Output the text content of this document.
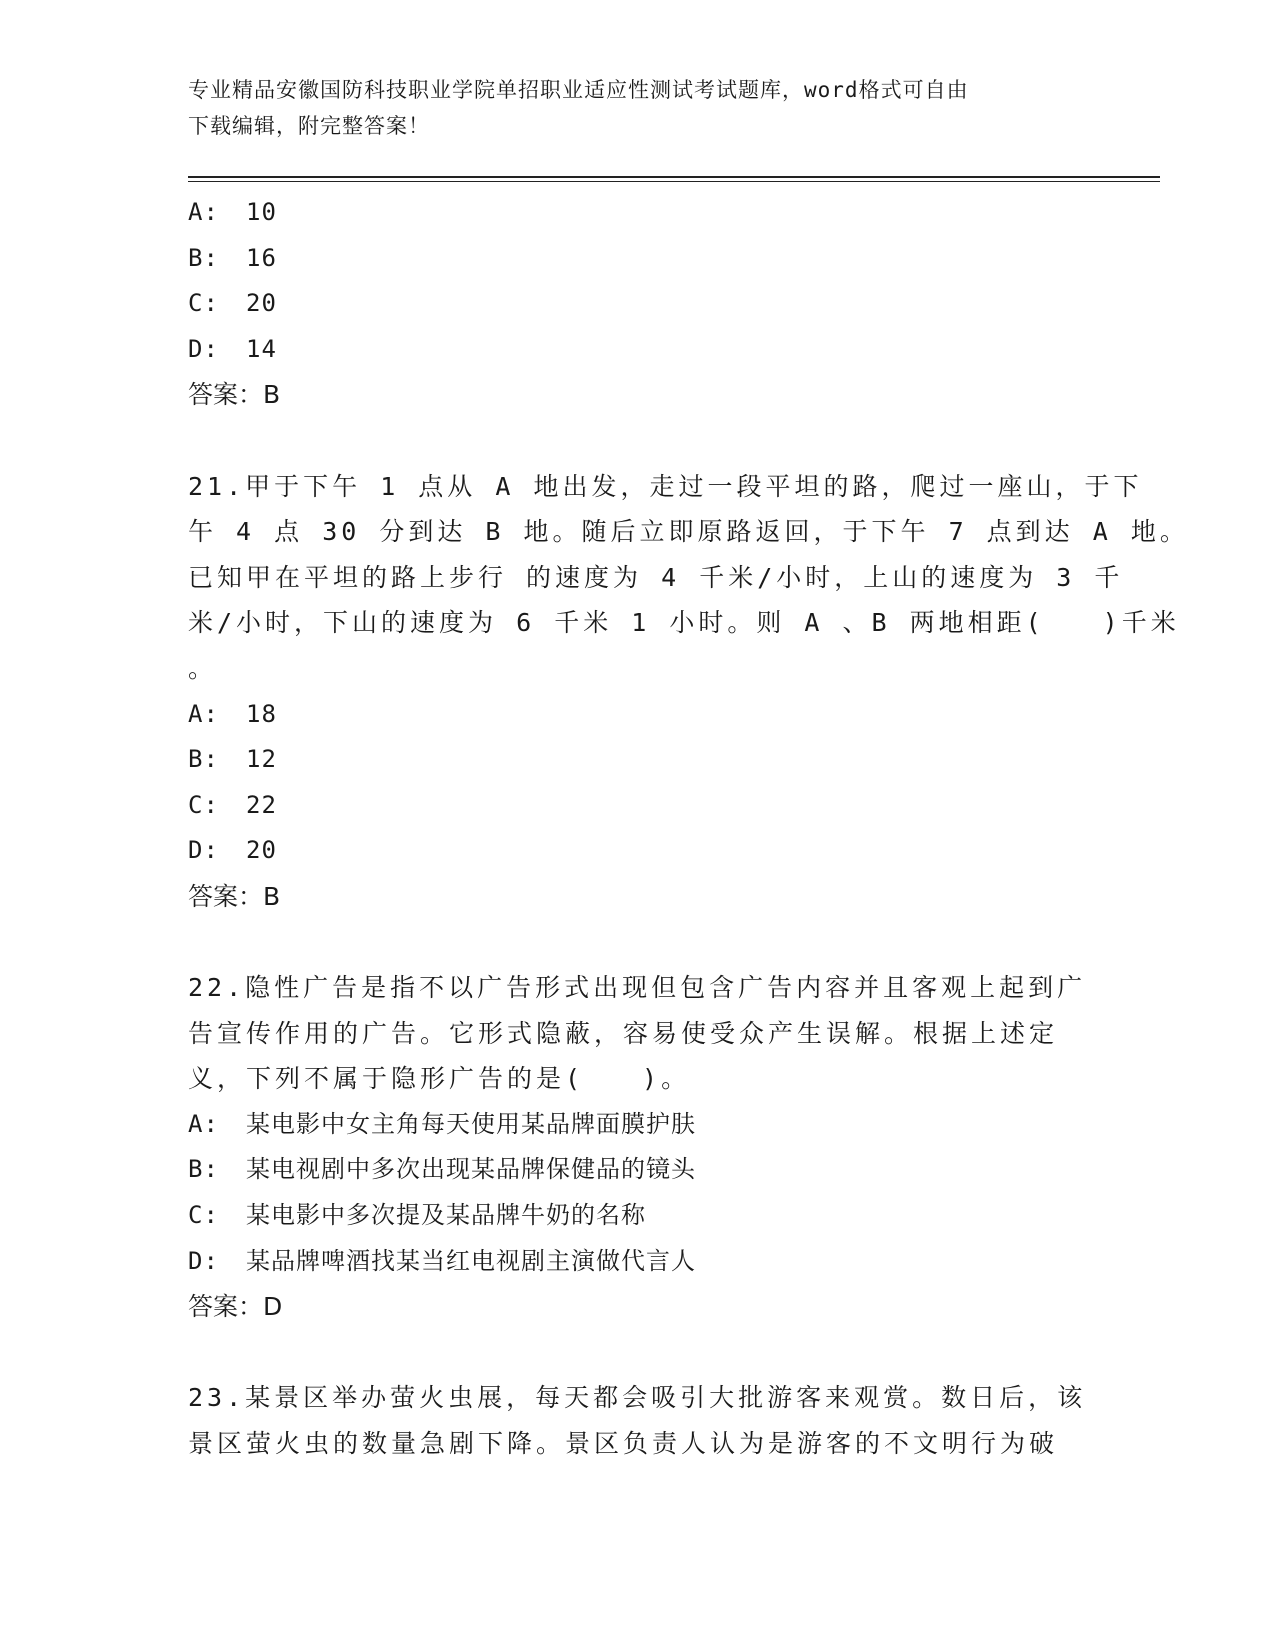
专业精品安徽国防科技职业学院单招职业适应性测试考试题库，word格式可自由
下载编辑，附完整答案！
A:	10
B:	16
C:	20
D:	14
答案：B
21.甲于下午 1 点从 A 地出发，走过一段平坦的路，爬过一座山，于下
午 4 点 30 分到达 B 地。随后立即原路返回，于下午 7 点到达 A 地。
已知甲在平坦的路上步行 的速度为 4 千米/小时，上山的速度为 3 千
米/小时，下山的速度为 6 千米 1 小时。则 A 、B 两地相距(　　)千米
。
A:	18
B:	12
C:	22
D:	20
答案：B
22.隐性广告是指不以广告形式出现但包含广告内容并且客观上起到广
告宣传作用的广告。它形式隐蔽，容易使受众产生误解。根据上述定
义，下列不属于隐形广告的是(　　)。
A:	某电影中女主角每天使用某品牌面膜护肤
B:	某电视剧中多次出现某品牌保健品的镜头
C:	某电影中多次提及某品牌牛奶的名称
D:	某品牌啤酒找某当红电视剧主演做代言人
答案：D
23.某景区举办萤火虫展，每天都会吸引大批游客来观赏。数日后，该
景区萤火虫的数量急剧下降。景区负责人认为是游客的不文明行为破
